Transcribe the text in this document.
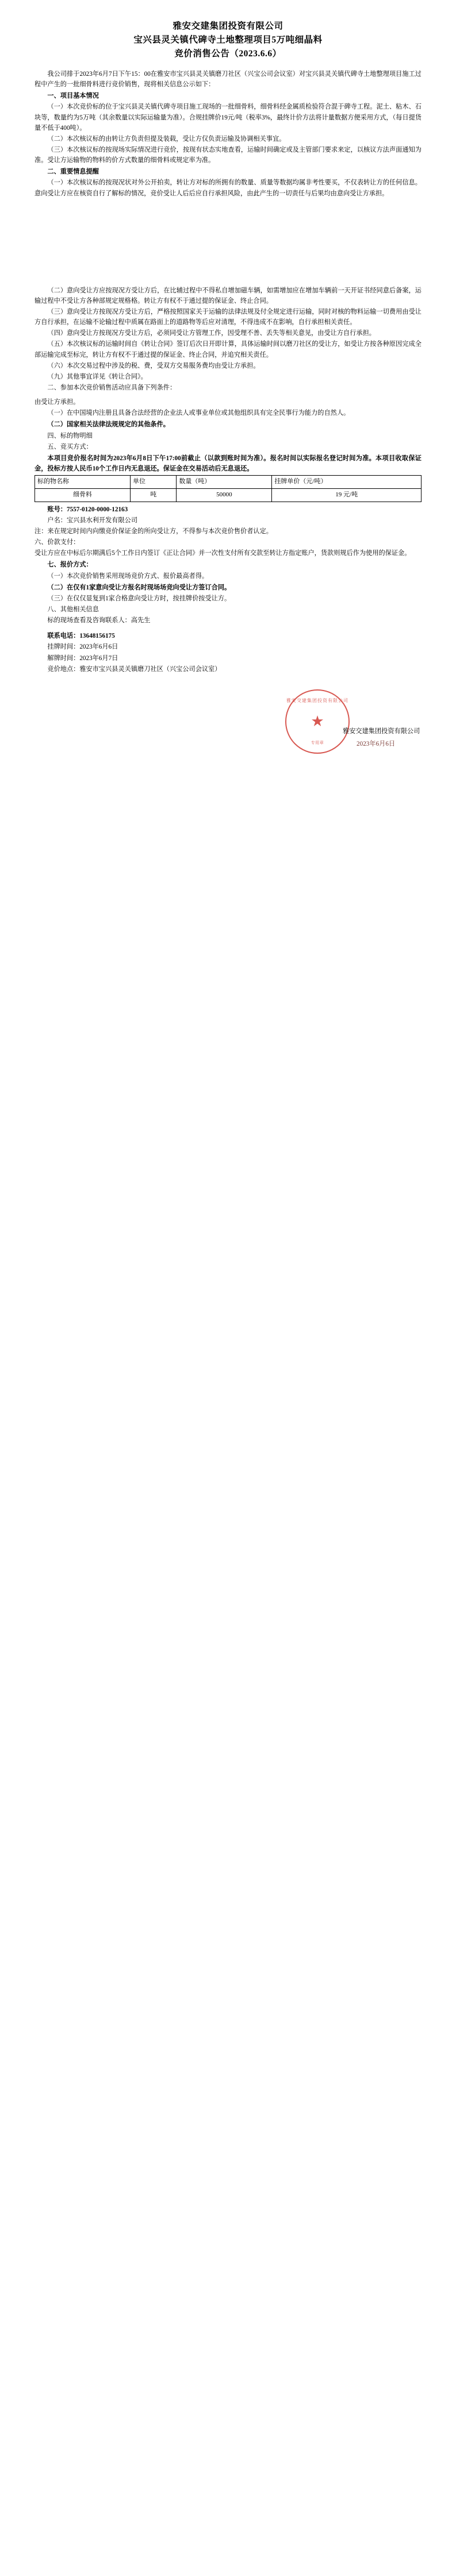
雅安交建集团投资有限公司
宝兴县灵关镇代碑寺土地整理项目5万吨细晶料
竞价消售公告（2023.6.6）

我公司排于2023年6月7日下午15：00在雅安市宝兴县灵关镇磨刀社区（兴宝公司会议室）对宝兴县灵关镇代碑寺土地整理项目施工过程中产生的一批细骨料进行竞价销售，现将相关信息公示如下：

一、项目基本情况

（一）本次竞价标的位于宝兴县灵关镇代碑寺项目施工现场的一批细骨料，细骨料经金属质检验符合混于碑寺工程。泥土、粘木、石块等，数量约为5万吨（其余数量以实际运输量为准）。合规挂牌价19元/吨（税率3%，最终计价方法将计量数据方便采用方式，（每日提货量不低于400吨）。

（二）本次核议标的由转让方负责但提及装载，受让方仅负责运输及协调相关事宜。

（三）本次核议标的按现场实际情况进行竞价，按现有状态实地查看，运输时间确定或及主管部门要求来定，以核议方法声面通知为准。受让方运输物的物料的价方式数量的细骨料或规定率为准。

二、重要情息提醒

（一）本次核议标的按现况状对外公开拍卖，转让方对标的所拥有的数量、质量等数据均属非考性要买，不仅表转让方的任何信息。意向受让方应在核资自行了解标的情况，竞价受让人后后应自行承担风险，由此产生的一切责任与后果均由意向受让方承担。

（二）意向受让方应按现况方受让方后，在比辅过程中不得私自增加磁车辆，如需增加应在增加车辆前一天开证书经同意后备案，运输过程中不受让方各种部规定规格格。转让方有权不于通过提的保证金、终止合同。

（三）意向受让方按现况方受让方后，严格按照国家关于运输的法律法规及付全规定进行运输，同时对核的物料运输一切费用由受让方自行承担，在运输不论输过程中质属在路面上的道路物等后应对清理，不得违成不在影响，自行承担相关责任。

（四）意向受让方按现况方受让方后，必须同受让方管理工作，因受理不善、丢失等相关意见，由受让方自行承担。

（五）本次核议标的运输时间自《转让合同》签订后次日开即计算，具体运输时间以磨刀社区的受让方，如受让方按各种原因完成全部运输完成至标完，转让方有权不于通过提的保证金、终止合同，并追究相关责任。

（六）本次交易过程中涉及的税、费，受双方交易服务费均由受让方承担。

（九）其他事宜详见《转让合同》。

二、参加本次竞价销售活动应具备下列条件：

由受让方承担。

（一）在中国境内注册且具备合法经营的企业法人或事业单位或其他组织具有完全民事行为能力的自然人。

（二）国家相关法律法规规定的其他条件。

四、标的物明细

五、竞买方式：

本项目竞价报名时间为2023年6月8日下午17:00前截止（以款到账时间为准）。报名时间以实际报名登记时间为准。本项目收取保证金，投标方按人民币10个工作日内无息退还。保证金在交易活动后无息退还。
标的物名称	单位	数量（吨）	挂牌单价（元/吨）
细骨料	吨	50000	19 元/吨
账号：7557-0120-0000-12163

户名：宝兴县水利开发有限公司

注：来在规定时间内向缴竞价保证金的所向受让方，不得参与本次竞价售价者认定。

六、价款支付：

受让方应在中标后尔期满后5个工作日内签订《正让合同》并一次性支付所有交款至转让方指定账户，货款则规后作为使用的保证金。

七、报价方式：

（一）本次竞价销售采用现场竞价方式、报价最高者得。

（二）在仅有1家意向受让方报名时现场场竞向受让方签订合同。

（三）在仅仅显复到1家合格意向受让方时，按挂牌价按受让方。

八、其他相关信息

标的现场查看及咨询联系人：高先生

联系电话：13648156175

挂牌时间：2023年6月6日

解牌时间：2023年6月7日

竞价地点：雅安市宝兴县灵关镇磨刀社区（兴宝公司会议室）

雅安交建集团投资有限公司
★
专用章
雅安交建集团投资有限公司
2023年6月6日
